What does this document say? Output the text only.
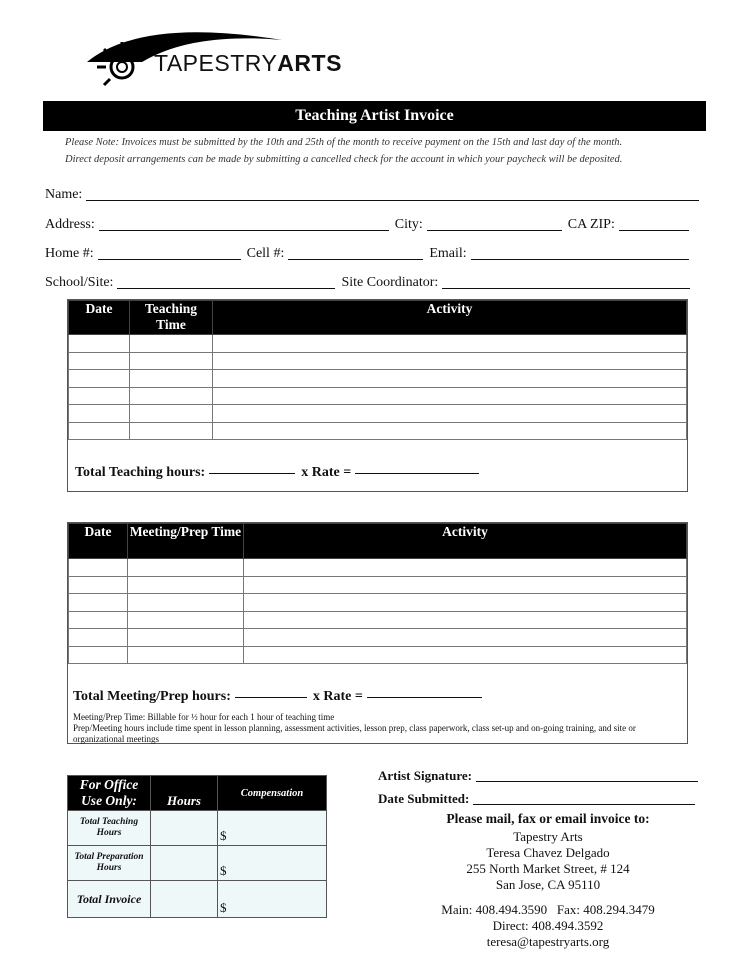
TAPESTRYARTS
Teaching Artist Invoice
Please Note: Invoices must be submitted by the 10th and 25th of the month to receive payment on the 15th and last day of the month.
Direct deposit arrangements can be made by submitting a cancelled check for the account in which your paycheck will be deposited.
Name:
Address:	City:	CA ZIP:
Home #:	Cell #:	Email:
School/Site:	Site Coordinator:
Date	Teaching Time	Activity

Total Teaching hours:	x Rate =
Date	Meeting/Prep Time	Activity

Total Meeting/Prep hours:	x Rate =
Meeting/Prep Time: Billable for ½ hour for each 1 hour of teaching time
Prep/Meeting hours include time spent in lesson planning, assessment activities, lesson prep, class paperwork, class set-up and on-going training, and site or organizational meetings
For Office Use Only:	Hours	Compensation
Total Teaching Hours		$
Total Preparation Hours		$
Total Invoice		$
Artist Signature:
Date Submitted:
Please mail, fax or email invoice to:
Tapestry Arts
Teresa Chavez Delgado
255 North Market Street, # 124
San Jose, CA 95110
Main: 408.494.3590   Fax: 408.294.3479
Direct: 408.494.3592
teresa@tapestryarts.org
